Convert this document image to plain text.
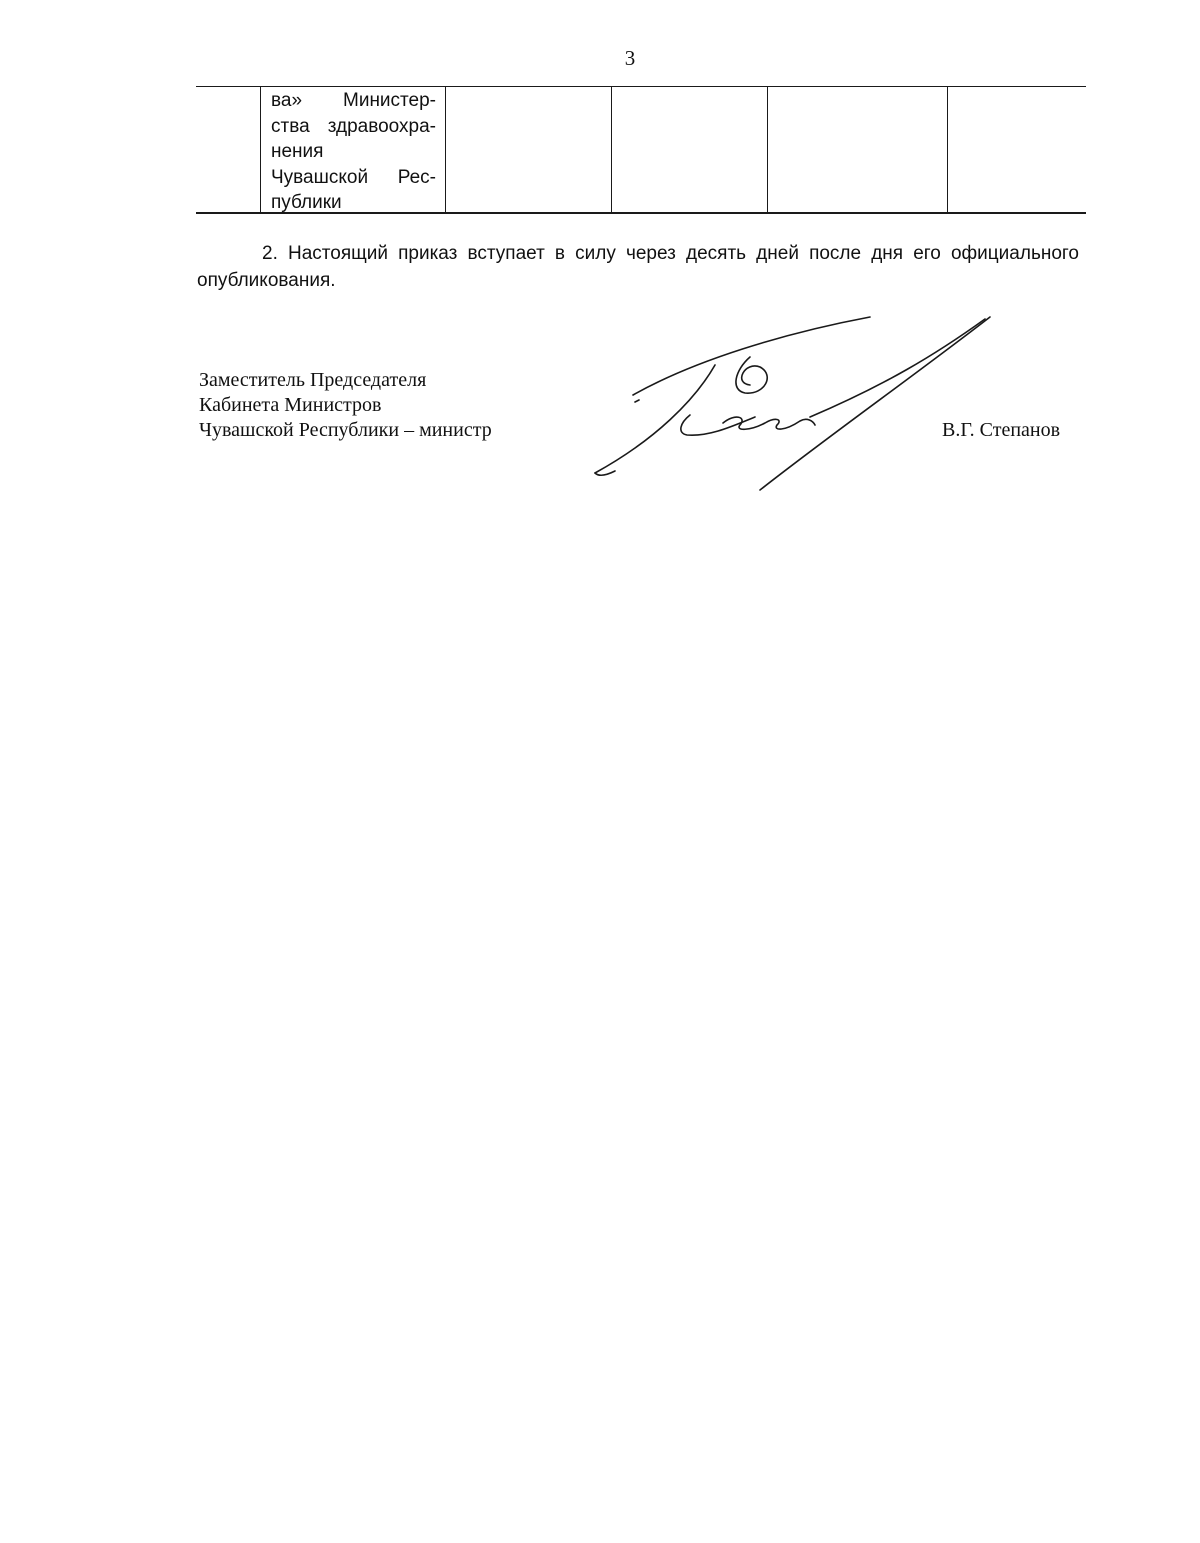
3
ва» Министер-
ства здравоохра-
нения
Чувашской Рес-
публики
2. Настоящий приказ вступает в силу через десять дней после дня его официального
опубликования.
Заместитель Председателя
Кабинета Министров
Чувашской Республики – министр	В.Г. Степанов
